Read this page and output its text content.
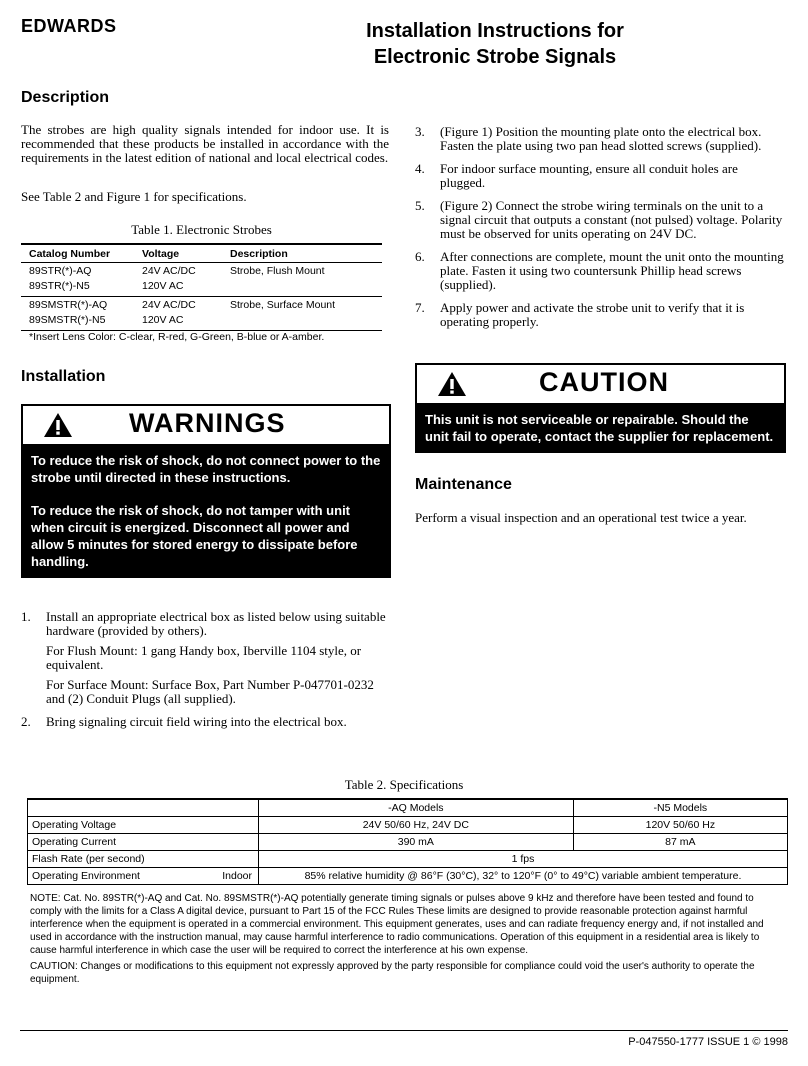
EDWARDS	Installation Instructions for
Electronic Strobe Signals
Description
The strobes are high quality signals intended for indoor use. It is recommended that these products be installed in accordance with the requirements in the latest edition of national and local electrical codes.
See Table 2 and Figure 1 for specifications.
Table 1. Electronic Strobes
Catalog Number	Voltage	Description
89STR(*)-AQ	24V AC/DC	Strobe, Flush Mount
89STR(*)-N5	120V AC	
89SMSTR(*)-AQ	24V AC/DC	Strobe, Surface Mount
89SMSTR(*)-N5	120V AC	
*Insert Lens Color: C-clear, R-red, G-Green, B-blue or A-amber.
Installation
WARNINGS

To reduce the risk of shock, do not connect power to the strobe until directed in these instructions.

To reduce the risk of shock, do not tamper with unit when circuit is energized. Disconnect all power and allow 5 minutes for stored energy to dissipate before handling.

1. Install an appropriate electrical box as listed below using suitable hardware (provided by others).
For Flush Mount: 1 gang Handy box, Iberville 1104 style, or equivalent.
For Surface Mount: Surface Box, Part Number P-047701-0232 and (2) Conduit Plugs (all supplied).
2. Bring signaling circuit field wiring into the electrical box.
3. (Figure 1) Position the mounting plate onto the electrical box. Fasten the plate using two pan head slotted screws (supplied).
4. For indoor surface mounting, ensure all conduit holes are plugged.
5. (Figure 2) Connect the strobe wiring terminals on the unit to a signal circuit that outputs a constant (not pulsed) voltage. Polarity must be observed for units operating on 24V DC.
6. After connections are complete, mount the unit onto the mounting plate. Fasten it using two countersunk Phillip head screws (supplied).
7. Apply power and activate the strobe unit to verify that it is operating properly.
CAUTION
This unit is not serviceable or repairable. Should the unit fail to operate, contact the supplier for replacement.
Maintenance
Perform a visual inspection and an operational test twice a year.
Table 2. Specifications
	-AQ Models	-N5 Models
Operating Voltage	24V 50/60 Hz, 24V DC	120V 50/60 Hz
Operating Current	390 mA	87 mA
Flash Rate (per second)	1 fps	
Operating Environment Indoor	85% relative humidity @ 86°F (30°C), 32° to 120°F (0° to 49°C) variable ambient temperature.	

NOTE: Cat. No. 89STR(*)-AQ and Cat. No. 89SMSTR(*)-AQ potentially generate timing signals or pulses above 9 kHz and therefore have been tested and found to comply with the limits for a Class A digital device, pursuant to Part 15 of the FCC Rules These limits are designed to provide reasonable protection against harmful interference when the equipment is operated in a commercial environment. This equipment generates, uses and can radiate frequency energy and, if not installed and used in accordance with the instruction manual, may cause harmful interference to radio communications. Operation of this equipment in a residential area is likely to cause harmful interference in which case the user will be required to correct the interference at his own expense.

CAUTION: Changes or modifications to this equipment not expressly approved by the party responsible for compliance could void the user's authority to operate the equipment.

P-047550-1777 ISSUE 1 © 1998
